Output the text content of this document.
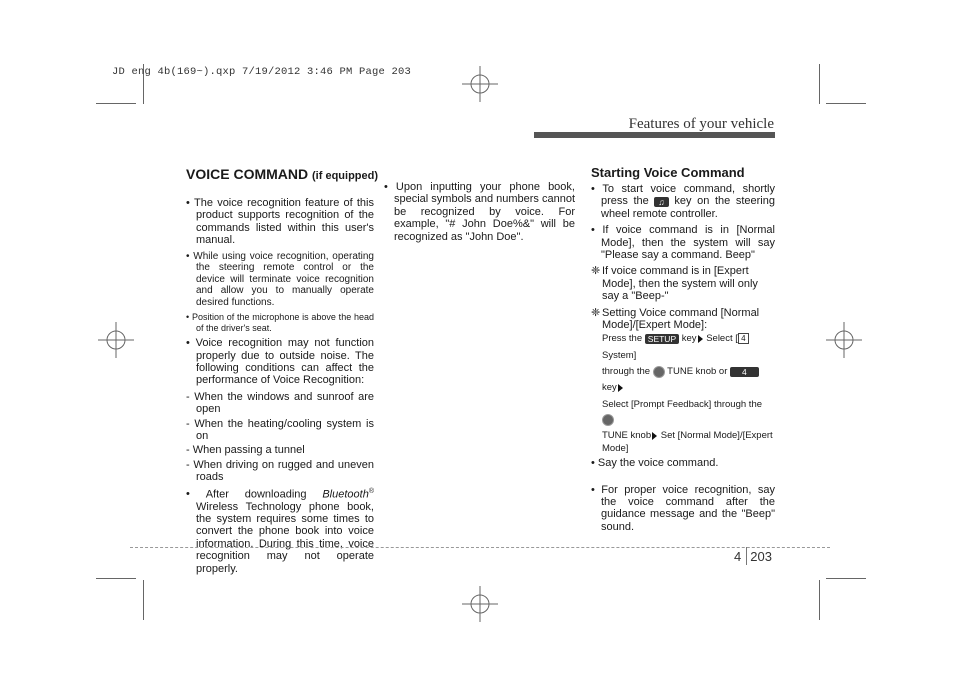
JD eng 4b(169~).qxp 7/19/2012 3:46 PM Page 203
Features of your vehicle
VOICE COMMAND (if equipped)
• The voice recognition feature of this product supports recognition of the commands listed within this user's manual.
• While using voice recognition, operating the steering remote control or the device will terminate voice recognition and allow you to manually operate desired functions.
• Position of the microphone is above the head of the driver's seat.
• Voice recognition may not function properly due to outside noise. The following conditions can affect the performance of Voice Recognition:
- When the windows and sunroof are open
- When the heating/cooling system is on
- When passing a tunnel
- When driving on rugged and uneven roads
• After downloading Bluetooth® Wireless Technology phone book, the system requires some times to convert the phone book into voice information. During this time, voice recognition may not operate properly.
• Upon inputting your phone book, special symbols and numbers cannot be recognized by voice. For example, "# John Doe%&" will be recognized as "John Doe".
Starting Voice Command
• To start voice command, shortly press the ♫ key on the steering wheel remote controller.
• If voice command is in [Normal Mode], then the system will say "Please say a command. Beep"
❈ If voice command is in [Expert Mode], then the system will only say a "Beep-"
❈ Setting Voice command [Normal Mode]/[Expert Mode]:
Press the SETUP key Select [ 4System]
through the  TUNE knob or 4 key
Select [Prompt Feedback] through the
TUNE knob Set [Normal Mode]/[Expert Mode]
• Say the voice command.
• For proper voice recognition, say the voice command after the guidance message and the "Beep" sound.
4 203
